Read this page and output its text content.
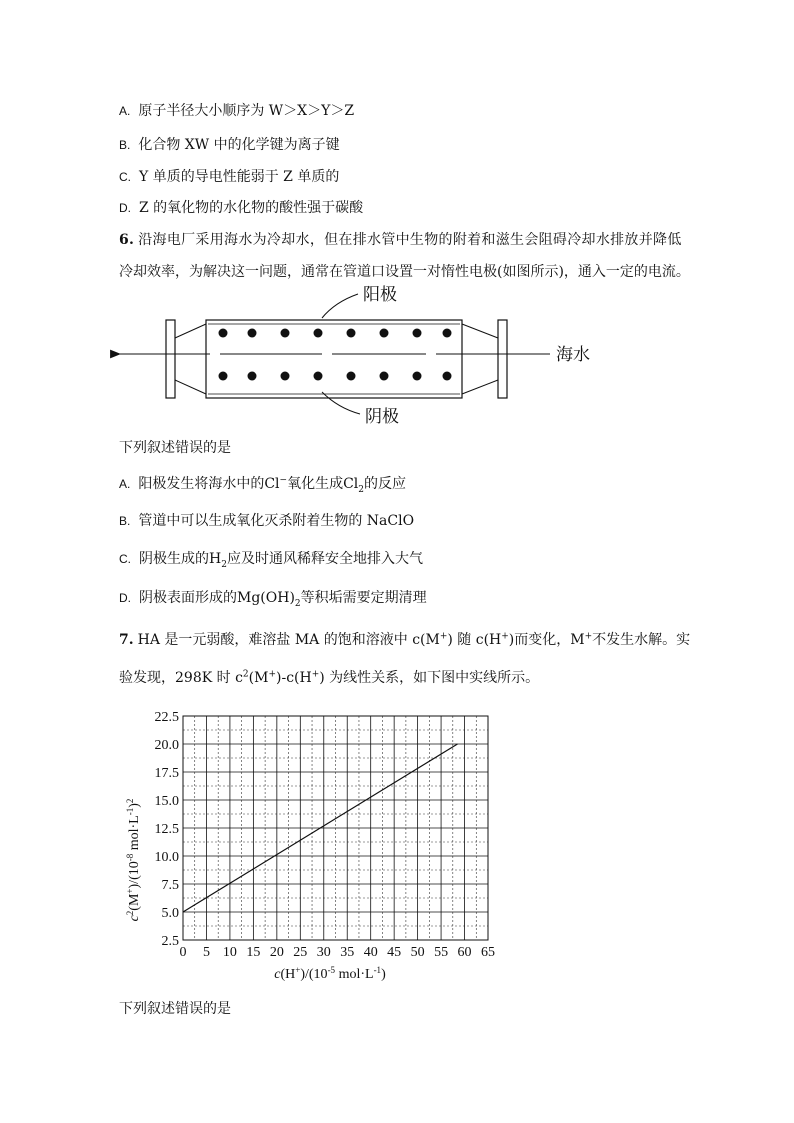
A. 原子半径大小顺序为 W＞X＞Y＞Z
B. 化合物 XW 中的化学键为离子键
C. Y 单质的导电性能弱于 Z 单质的
D. Z 的氧化物的水化物的酸性强于碳酸
6. 沿海电厂采用海水为冷却水，但在排水管中生物的附着和滋生会阻碍冷却水排放并降低
冷却效率，为解决这一问题，通常在管道口设置一对惰性电极(如图所示)，通入一定的电流。
阳极
阴极
海水
下列叙述错误的是
A. 阳极发生将海水中的Cl−氧化生成$Cl_2$的反应
B. 管道中可以生成氧化灭杀附着生物的 NaClO
C. 阴极生成的$H_2$应及时通风稀释安全地排入大气
D. 阴极表面形成的$Mg(OH)_2$等积垢需要定期清理
7. HA 是一元弱酸，难溶盐 MA 的饱和溶液中 c(M+) 随 c(H+)而变化，M+不发生水解。实
验发现，298K 时 $c^2(M^+)-c(H^+)$ 为线性关系，如下图中实线所示。
2.5
5.0
7.5
10.0
12.5
15.0
17.5
20.0
22.5
0 5 10 15 20 25 30 35 40 45 50 55 60 65
$c^2(M^+)/(10^{-8}$ $mol\cdot L^{-1})^2$
$c(H^+)/(10^{-5}$ $mol\cdot L^{-1}$)
下列叙述错误的是
